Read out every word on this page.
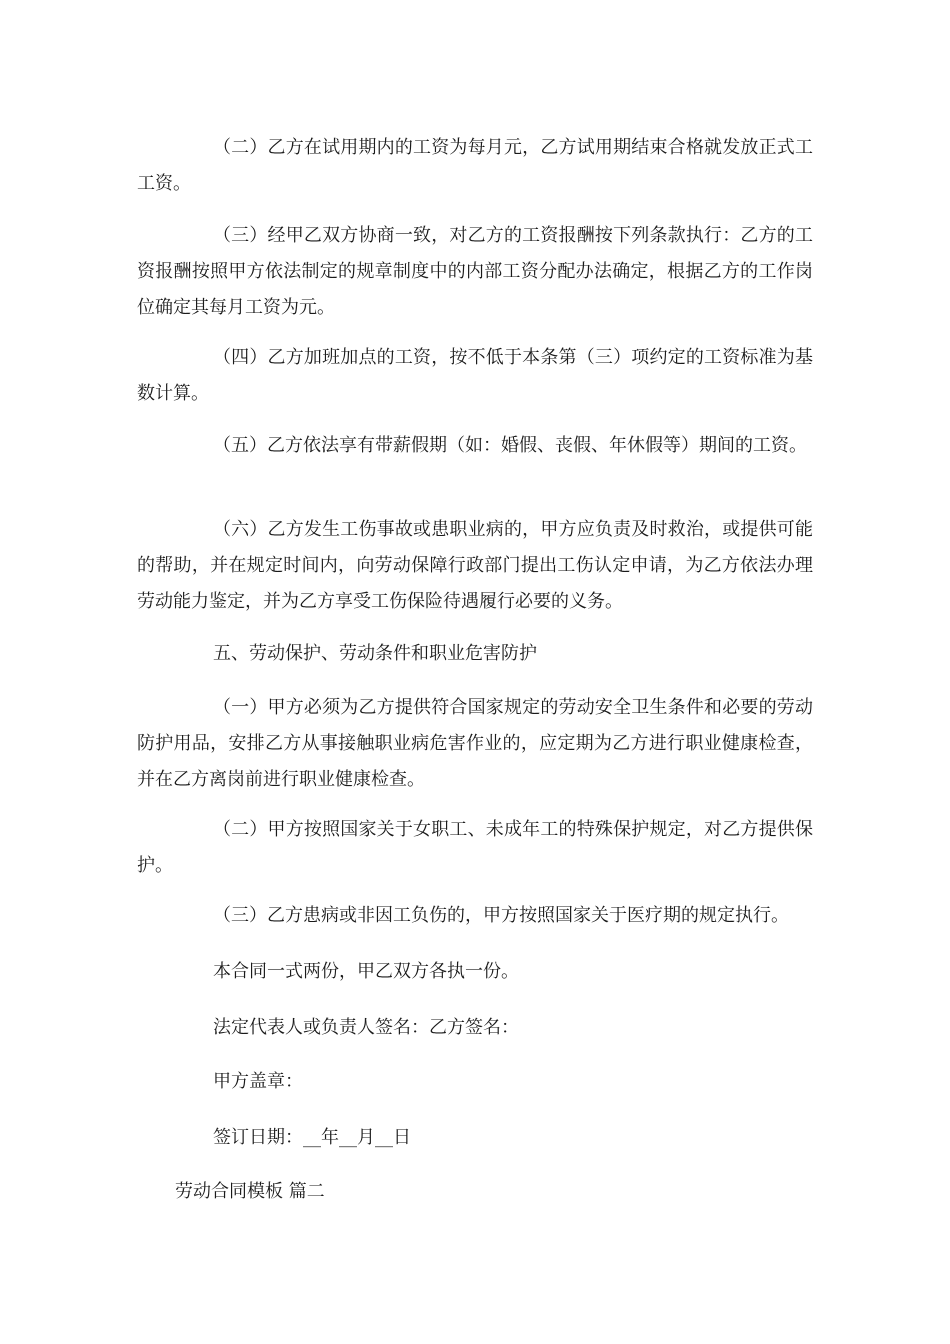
（二）乙方在试用期内的工资为每月元，乙方试用期结束合格就发放正式工工资。

（三）经甲乙双方协商一致，对乙方的工资报酬按下列条款执行：乙方的工资报酬按照甲方依法制定的规章制度中的内部工资分配办法确定，根据乙方的工作岗位确定其每月工资为元。

（四）乙方加班加点的工资，按不低于本条第（三）项约定的工资标准为基数计算。

（五）乙方依法享有带薪假期（如：婚假、丧假、年休假等）期间的工资。

（六）乙方发生工伤事故或患职业病的，甲方应负责及时救治，或提供可能的帮助，并在规定时间内，向劳动保障行政部门提出工伤认定申请，为乙方依法办理劳动能力鉴定，并为乙方享受工伤保险待遇履行必要的义务。

五、劳动保护、劳动条件和职业危害防护

（一）甲方必须为乙方提供符合国家规定的劳动安全卫生条件和必要的劳动防护用品，安排乙方从事接触职业病危害作业的，应定期为乙方进行职业健康检查，并在乙方离岗前进行职业健康检查。

（二）甲方按照国家关于女职工、未成年工的特殊保护规定，对乙方提供保护。

（三）乙方患病或非因工负伤的，甲方按照国家关于医疗期的规定执行。

本合同一式两份，甲乙双方各执一份。

法定代表人或负责人签名：乙方签名：

甲方盖章：

签订日期：__年__月__日

劳动合同模板 篇二
